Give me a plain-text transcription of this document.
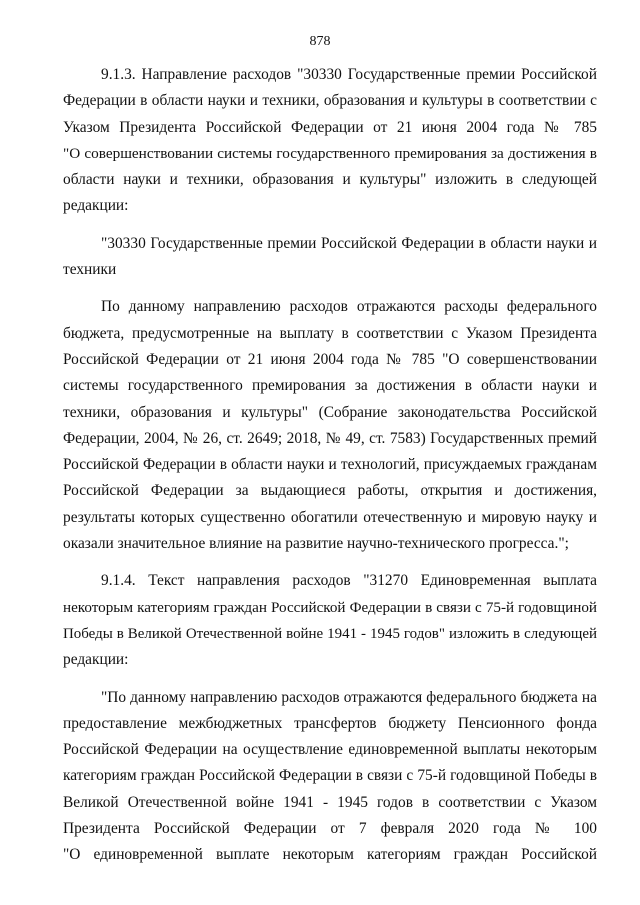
878

9.1.3. Направление расходов "30330 Государственные премии Российской
Федерации в области науки и техники, образования и культуры в соответствии с
Указом Президента Российской Федерации от 21 июня 2004 года № 785
"О совершенствовании системы государственного премирования за достижения в
области науки и техники, образования и культуры" изложить в следующей
редакции:

"30330 Государственные премии Российской Федерации в области науки и
техники

По данному направлению расходов отражаются расходы федерального
бюджета, предусмотренные на выплату в соответствии с Указом Президента
Российской Федерации от 21 июня 2004 года № 785 "О совершенствовании
системы государственного премирования за достижения в области науки и
техники, образования и культуры" (Собрание законодательства Российской
Федерации, 2004, № 26, ст. 2649; 2018, № 49, ст. 7583) Государственных премий
Российской Федерации в области науки и технологий, присуждаемых гражданам
Российской Федерации за выдающиеся работы, открытия и достижения,
результаты которых существенно обогатили отечественную и мировую науку и
оказали значительное влияние на развитие научно-технического прогресса.";

9.1.4. Текст направления расходов "31270 Единовременная выплата
некоторым категориям граждан Российской Федерации в связи с 75-й годовщиной
Победы в Великой Отечественной войне 1941 - 1945 годов" изложить в следующей
редакции:

"По данному направлению расходов отражаются федерального бюджета на
предоставление межбюджетных трансфертов бюджету Пенсионного фонда
Российской Федерации на осуществление единовременной выплаты некоторым
категориям граждан Российской Федерации в связи с 75-й годовщиной Победы в
Великой Отечественной войне 1941 - 1945 годов в соответствии с Указом
Президента Российской Федерации от 7 февраля 2020 года № 100
"О единовременной выплате некоторым категориям граждан Российской
